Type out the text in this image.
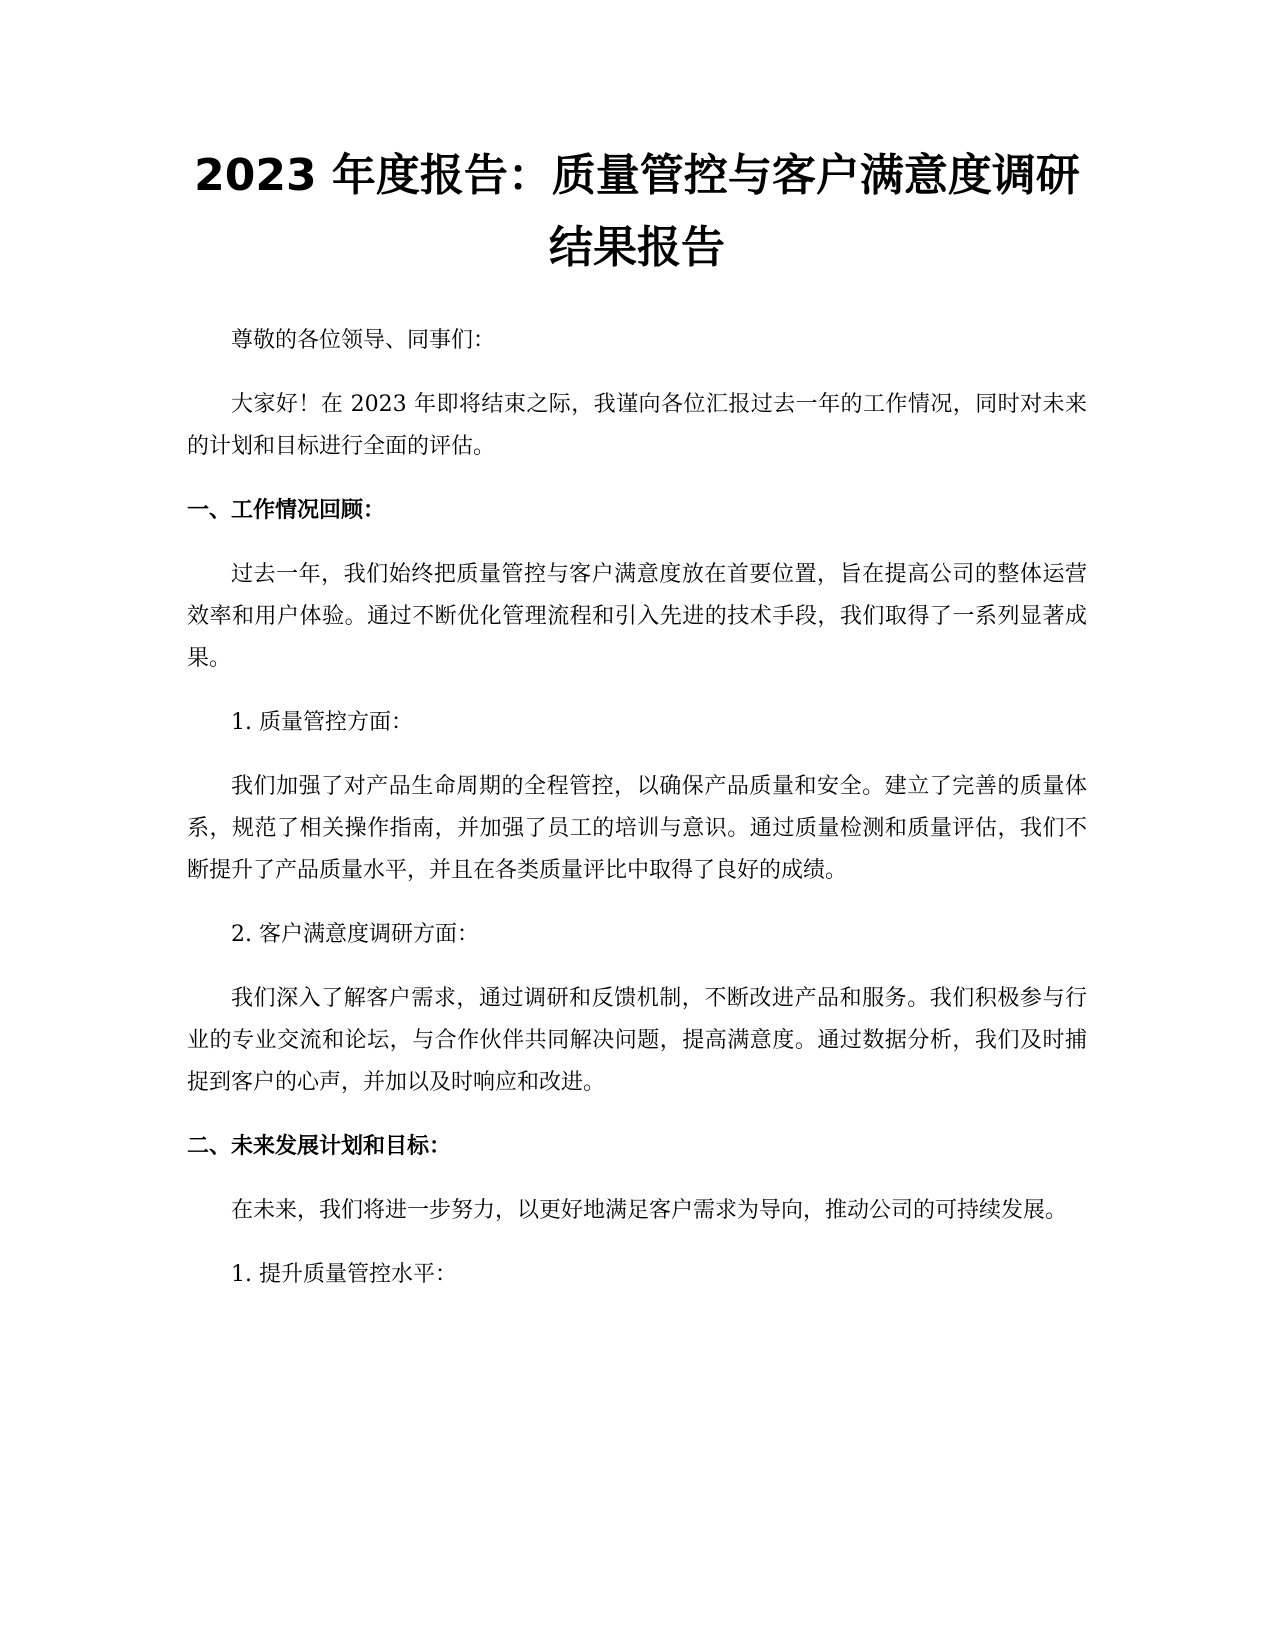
2023 年度报告：质量管控与客户满意度调研结果报告

尊敬的各位领导、同事们：

大家好！在 2023 年即将结束之际，我谨向各位汇报过去一年的工作情况，同时对未来的计划和目标进行全面的评估。

一、工作情况回顾：

过去一年，我们始终把质量管控与客户满意度放在首要位置，旨在提高公司的整体运营效率和用户体验。通过不断优化管理流程和引入先进的技术手段，我们取得了一系列显著成果。

1. 质量管控方面：

我们加强了对产品生命周期的全程管控，以确保产品质量和安全。建立了完善的质量体系，规范了相关操作指南，并加强了员工的培训与意识。通过质量检测和质量评估，我们不断提升了产品质量水平，并且在各类质量评比中取得了良好的成绩。

2. 客户满意度调研方面：

我们深入了解客户需求，通过调研和反馈机制，不断改进产品和服务。我们积极参与行业的专业交流和论坛，与合作伙伴共同解决问题，提高满意度。通过数据分析，我们及时捕捉到客户的心声，并加以及时响应和改进。

二、未来发展计划和目标：

在未来，我们将进一步努力，以更好地满足客户需求为导向，推动公司的可持续发展。

1. 提升质量管控水平：
